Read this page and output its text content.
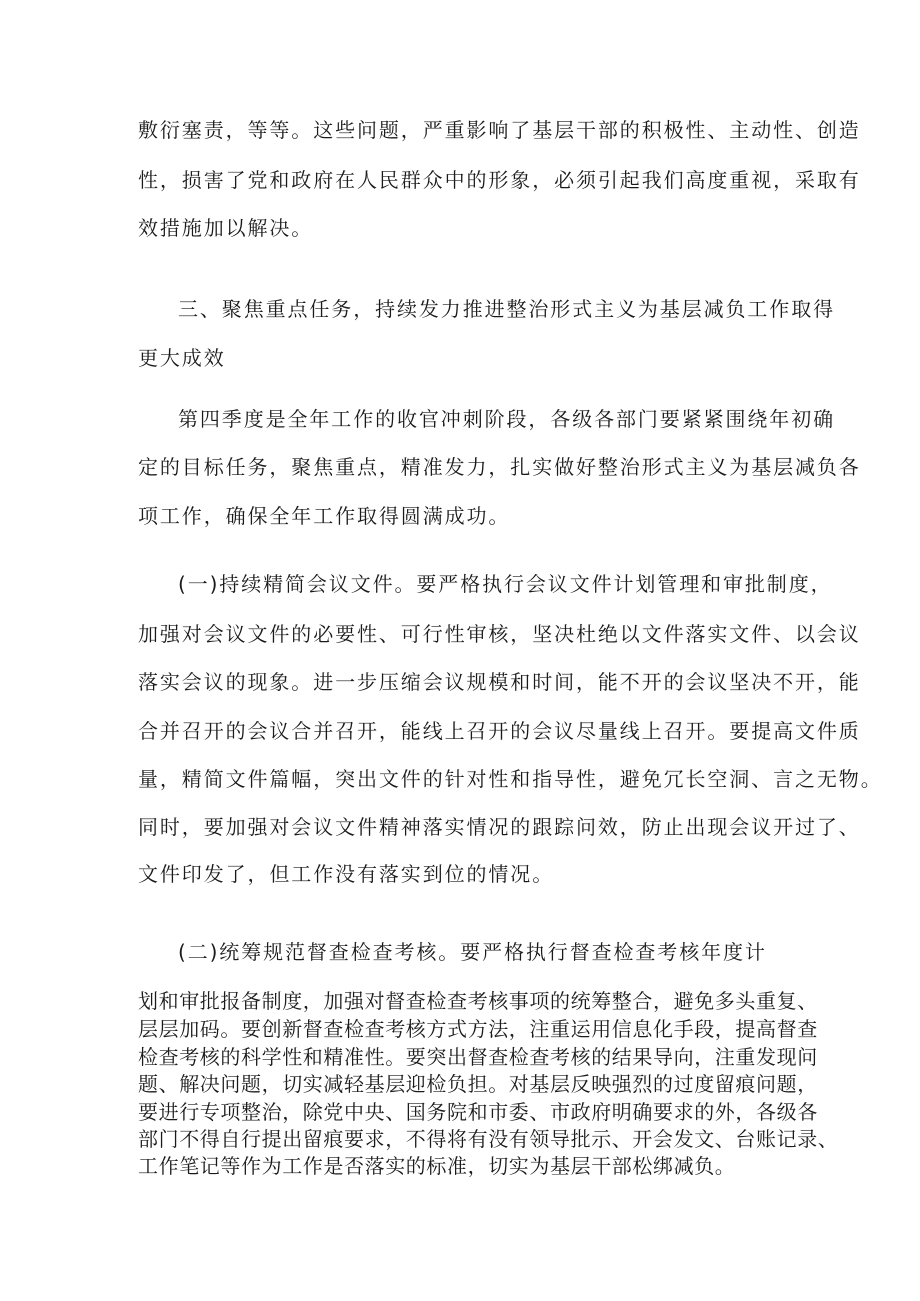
敷衍塞责，等等。这些问题，严重影响了基层干部的积极性、主动性、创造
性，损害了党和政府在人民群众中的形象，必须引起我们高度重视，采取有
效措施加以解决。
三、聚焦重点任务，持续发力推进整治形式主义为基层减负工作取得
更大成效
第四季度是全年工作的收官冲刺阶段，各级各部门要紧紧围绕年初确
定的目标任务，聚焦重点，精准发力，扎实做好整治形式主义为基层减负各
项工作，确保全年工作取得圆满成功。
(一)持续精简会议文件。要严格执行会议文件计划管理和审批制度，
加强对会议文件的必要性、可行性审核，坚决杜绝以文件落实文件、以会议
落实会议的现象。进一步压缩会议规模和时间，能不开的会议坚决不开，能
合并召开的会议合并召开，能线上召开的会议尽量线上召开。要提高文件质
量，精简文件篇幅，突出文件的针对性和指导性，避免冗长空洞、言之无物。
同时，要加强对会议文件精神落实情况的跟踪问效，防止出现会议开过了、
文件印发了，但工作没有落实到位的情况。
(二)统筹规范督查检查考核。要严格执行督查检查考核年度计
划和审批报备制度，加强对督查检查考核事项的统筹整合，避免多头重复、
层层加码。要创新督查检查考核方式方法，注重运用信息化手段，提高督查
检查考核的科学性和精准性。要突出督查检查考核的结果导向，注重发现问
题、解决问题，切实减轻基层迎检负担。对基层反映强烈的过度留痕问题，
要进行专项整治，除党中央、国务院和市委、市政府明确要求的外，各级各
部门不得自行提出留痕要求，不得将有没有领导批示、开会发文、台账记录、
工作笔记等作为工作是否落实的标准，切实为基层干部松绑减负。
